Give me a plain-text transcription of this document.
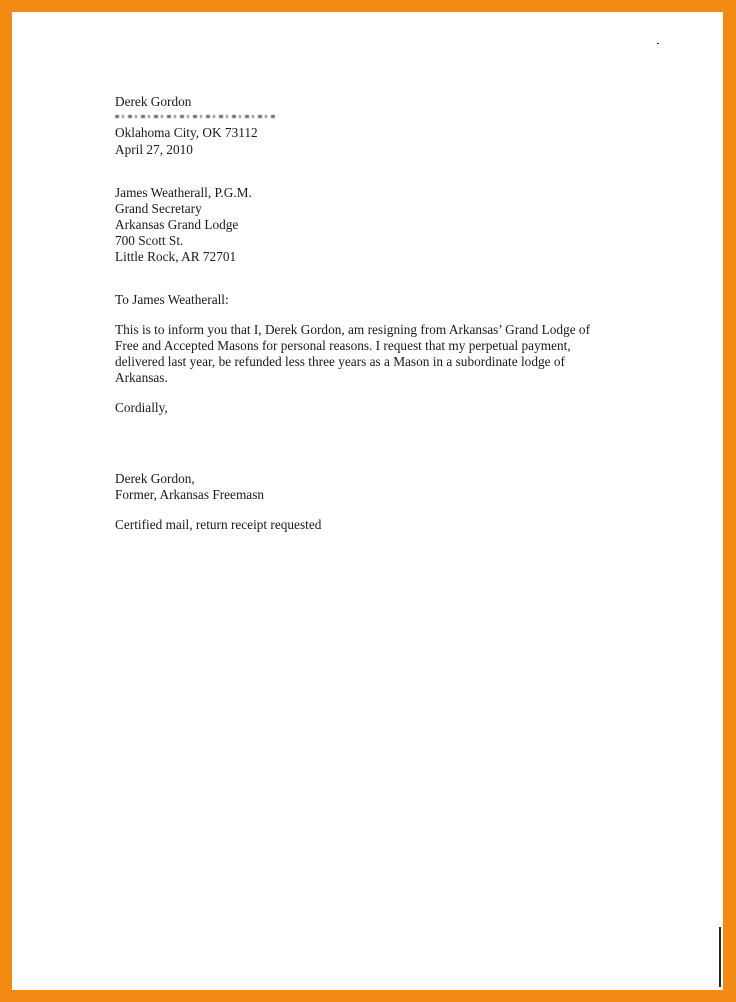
Derek Gordon
Oklahoma City, OK 73112
April 27, 2010
James Weatherall, P.G.M.
Grand Secretary
Arkansas Grand Lodge
700 Scott St.
Little Rock, AR 72701
To James Weatherall:
This is to inform you that I, Derek Gordon, am resigning from Arkansas’ Grand Lodge of
Free and Accepted Masons for personal reasons. I request that my perpetual payment,
delivered last year, be refunded less three years as a Mason in a subordinate lodge of
Arkansas.
Cordially,
Derek Gordon,
Former, Arkansas Freemasn
Certified mail, return receipt requested
